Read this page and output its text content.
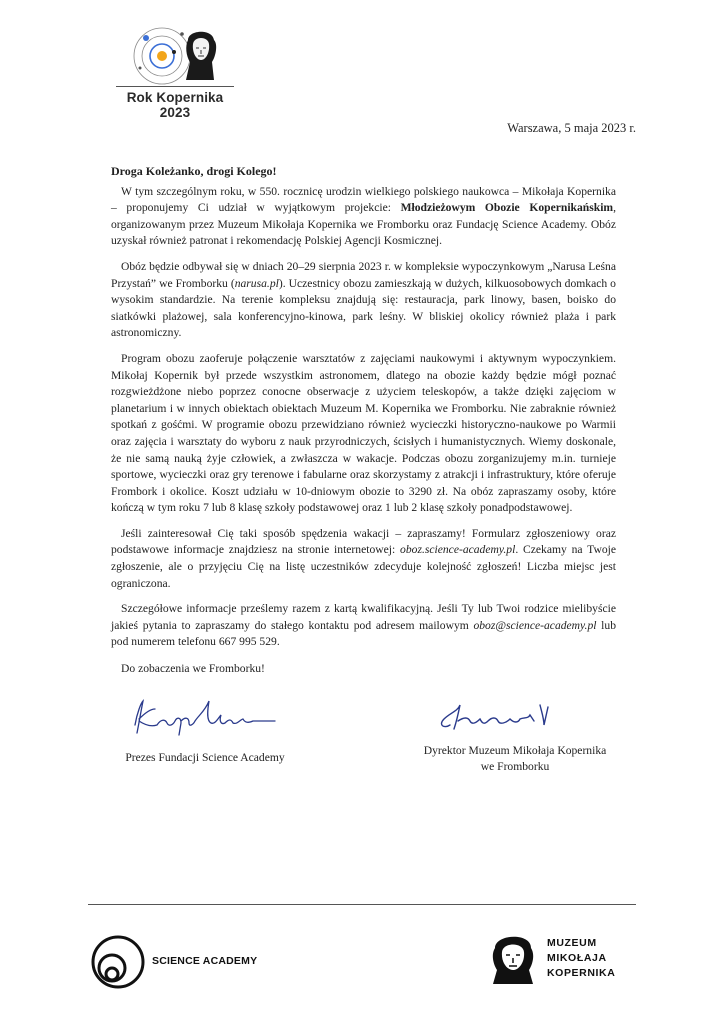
Rok Kopernika 2023
Warszawa, 5 maja 2023 r.

Droga Koleżanko, drogi Kolego!

W tym szczególnym roku, w 550. rocznicę urodzin wielkiego polskiego naukowca – Mikołaja Kopernika – proponujemy Ci udział w wyjątkowym projekcie: Młodzieżowym Obozie Kopernikańskim, organizowanym przez Muzeum Mikołaja Kopernika we Fromborku oraz Fundację Science Academy. Obóz uzyskał również patronat i rekomendację Polskiej Agencji Kosmicznej.

Obóz będzie odbywał się w dniach 20–29 sierpnia 2023 r. w kompleksie wypoczynkowym „Narusa Leśna Przystań” we Fromborku (narusa.pl). Uczestnicy obozu zamieszkają w dużych, kilkuosobowych domkach o wysokim standardzie. Na terenie kompleksu znajdują się: restauracja, park linowy, basen, boisko do siatkówki plażowej, sala konferencyjno-kinowa, park leśny. W bliskiej okolicy również plaża i park astronomiczny.

Program obozu zaoferuje połączenie warsztatów z zajęciami naukowymi i aktywnym wypoczynkiem. Mikołaj Kopernik był przede wszystkim astronomem, dlatego na obozie każdy będzie mógł poznać rozgwieżdżone niebo poprzez conocne obserwacje z użyciem teleskopów, a także dzięki zajęciom w planetarium i w innych obiektach obiektach Muzeum M. Kopernika we Fromborku. Nie zabraknie również spotkań z gośćmi. W programie obozu przewidziano również wycieczki historyczno-naukowe po Warmii oraz zajęcia i warsztaty do wyboru z nauk przyrodniczych, ścisłych i humanistycznych. Wiemy doskonale, że nie samą nauką żyje człowiek, a zwłaszcza w wakacje. Podczas obozu zorganizujemy m.in. turnieje sportowe, wycieczki oraz gry terenowe i fabularne oraz skorzystamy z atrakcji i infrastruktury, które oferuje Frombork i okolice. Koszt udziału w 10-dniowym obozie to 3290 zł. Na obóz zapraszamy osoby, które kończą w tym roku 7 lub 8 klasę szkoły podstawowej oraz 1 lub 2 klasę szkoły ponadpodstawowej.

Jeśli zainteresował Cię taki sposób spędzenia wakacji – zapraszamy! Formularz zgłoszeniowy oraz podstawowe informacje znajdziesz na stronie internetowej: oboz.science-academy.pl. Czekamy na Twoje zgłoszenie, ale o przyjęciu Cię na listę uczestników zdecyduje kolejność zgłoszeń! Liczba miejsc jest ograniczona.

Szczegółowe informacje prześlemy razem z kartą kwalifikacyjną. Jeśli Ty lub Twoi rodzice mielibyście jakieś pytania to zapraszamy do stałego kontaktu pod adresem mailowym oboz@science-academy.pl lub pod numerem telefonu 667 995 529.

Do zobaczenia we Fromborku!

Prezes Fundacji Science Academy
Dyrektor Muzeum Mikołaja Kopernika
we Fromborku
SCIENCE ACADEMY
MUZEUM
MIKOŁAJA
KOPERNIKA
